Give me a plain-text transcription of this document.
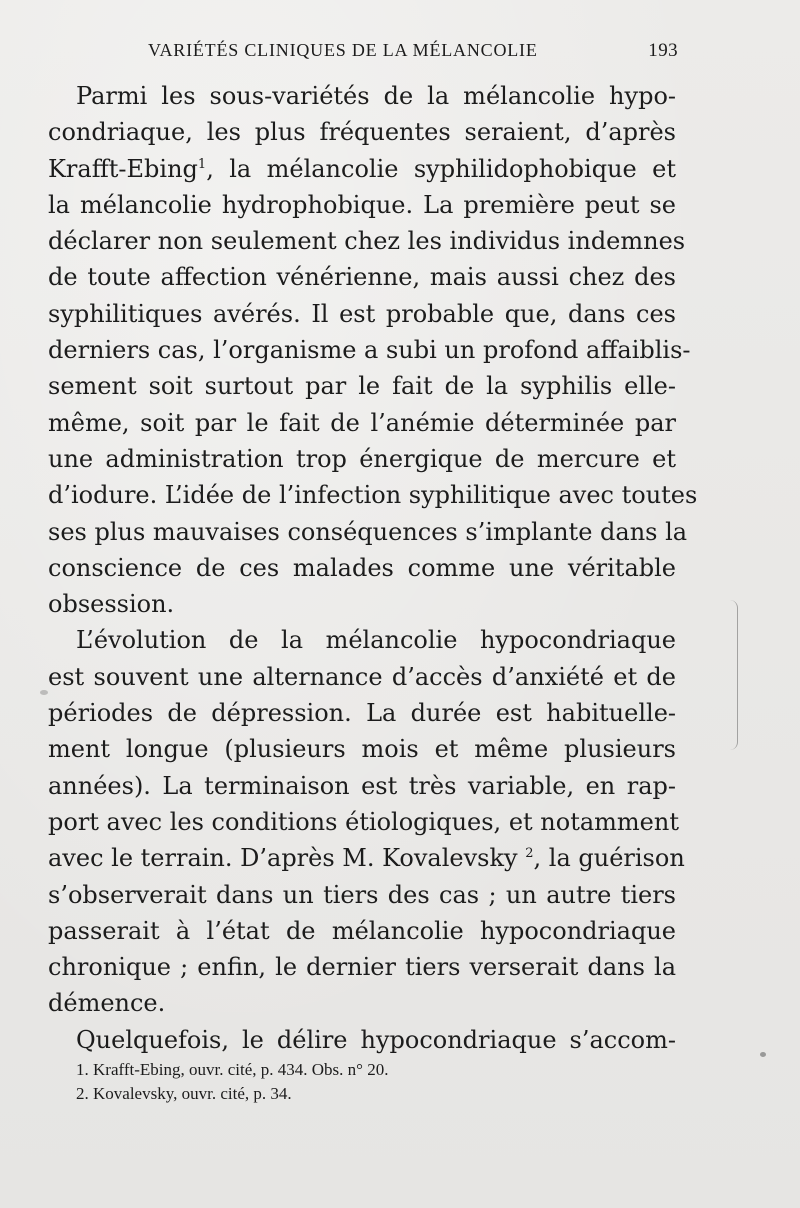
VARIÉTÉS CLINIQUES DE LA MÉLANCOLIE	193
Parmi les sous-variétés de la mélancolie hypo-
condriaque, les plus fréquentes seraient, d’après
Krafft-Ebing$^1$, la mélancolie syphilidophobique et
la mélancolie hydrophobique. La première peut se
déclarer non seulement chez les individus indemnes
de toute affection vénérienne, mais aussi chez des
syphilitiques avérés. Il est probable que, dans ces
derniers cas, l’organisme a subi un profond affaiblis-
sement soit surtout par le fait de la syphilis elle-
même, soit par le fait de l’anémie déterminée par
une administration trop énergique de mercure et
d’iodure. L’idée de l’infection syphilitique avec toutes
ses plus mauvaises conséquences s’implante dans la
conscience de ces malades comme une véritable
obsession.
L’évolution de la mélancolie hypocondriaque
est souvent une alternance d’accès d’anxiété et de
périodes de dépression. La durée est habituelle-
ment longue (plusieurs mois et même plusieurs
années). La terminaison est très variable, en rap-
port avec les conditions étiologiques, et notamment
avec le terrain. D’après M. Kovalevsky $^2$, la guérison
s’observerait dans un tiers des cas ; un autre tiers
passerait à l’état de mélancolie hypocondriaque
chronique ; enfin, le dernier tiers verserait dans la
démence.
Quelquefois, le délire hypocondriaque s’accom-
1. Krafft-Ebing, ouvr. cité, p. 434. Obs. n° 20.
2. Kovalevsky, ouvr. cité, p. 34.
